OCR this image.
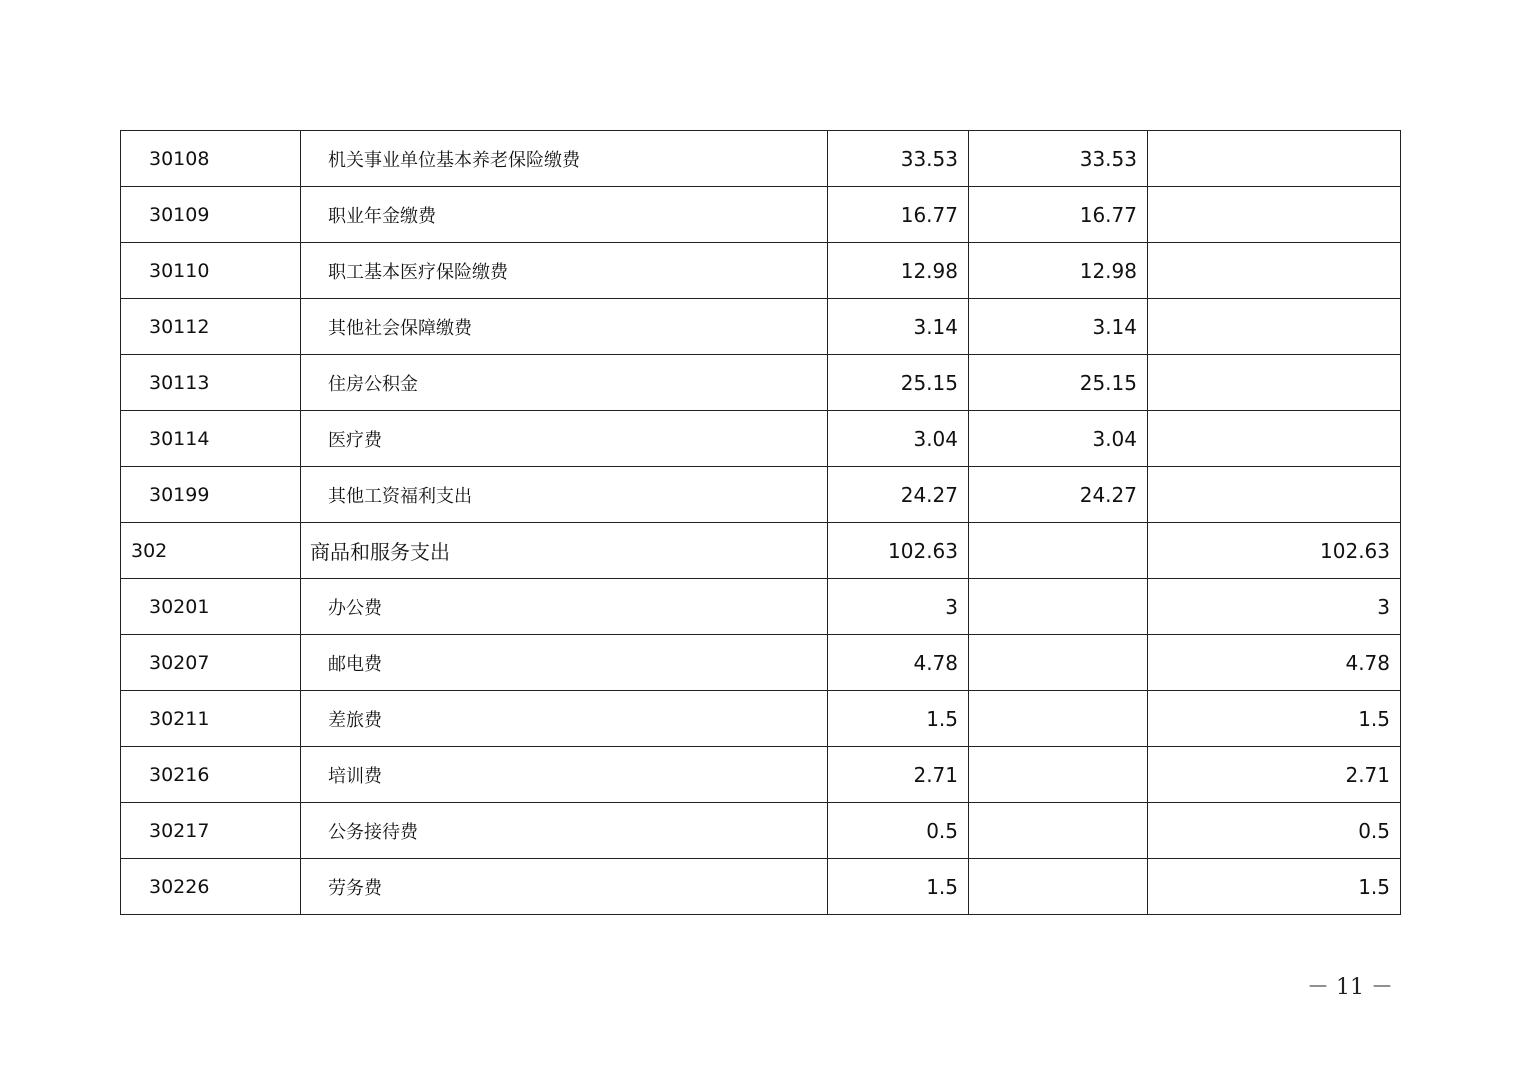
30108	机关事业单位基本养老保险缴费	33.53	33.53	
30109	职业年金缴费	16.77	16.77	
30110	职工基本医疗保险缴费	12.98	12.98	
30112	其他社会保障缴费	3.14	3.14	
30113	住房公积金	25.15	25.15	
30114	医疗费	3.04	3.04	
30199	其他工资福利支出	24.27	24.27	
302	商品和服务支出	102.63		102.63
30201	办公费	3		3
30207	邮电费	4.78		4.78
30211	差旅费	1.5		1.5
30216	培训费	2.71		2.71
30217	公务接待费	0.5		0.5
30226	劳务费	1.5		1.5
－ 11 －
